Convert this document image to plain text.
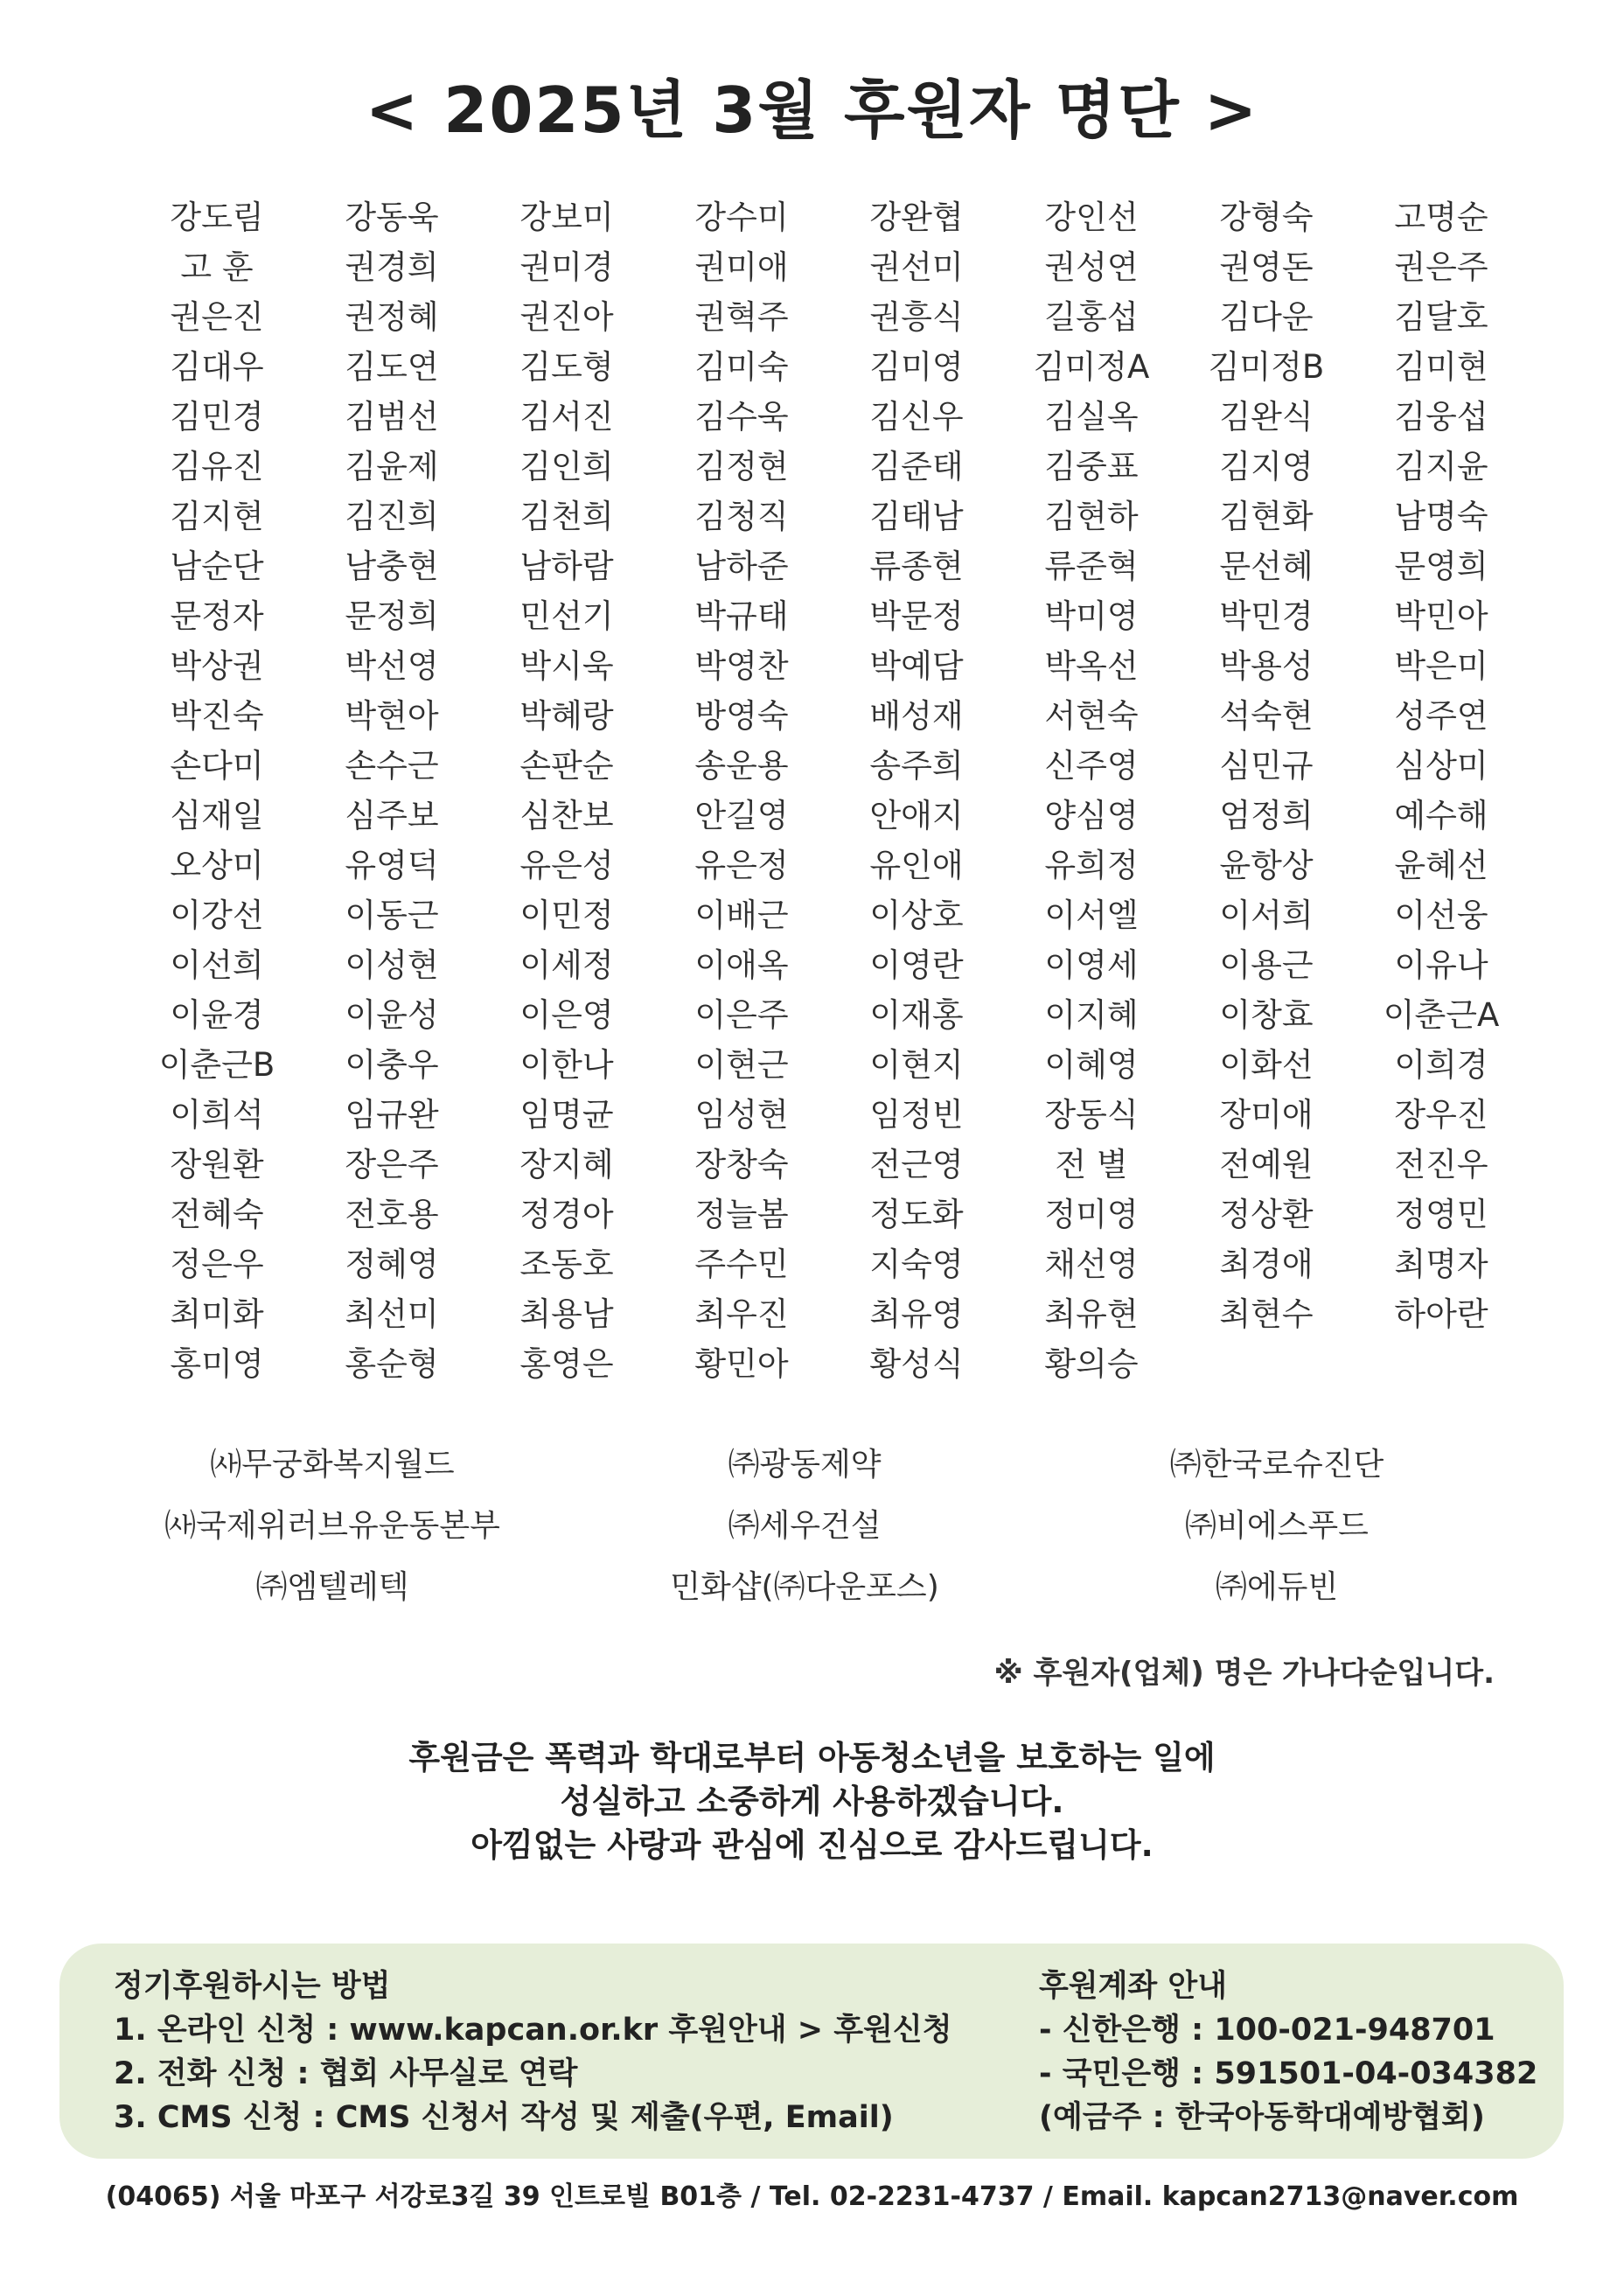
< 2025년 3월 후원자 명단 >
강도림	강동욱	강보미	강수미	강완협	강인선	강형숙	고명순
고 훈	권경희	권미경	권미애	권선미	권성연	권영돈	권은주
권은진	권정혜	권진아	권혁주	권흥식	길홍섭	김다운	김달호
김대우	김도연	김도형	김미숙	김미영	김미정A	김미정B	김미현
김민경	김범선	김서진	김수욱	김신우	김실옥	김완식	김웅섭
김유진	김윤제	김인희	김정현	김준태	김중표	김지영	김지윤
김지현	김진희	김천희	김청직	김태남	김현하	김현화	남명숙
남순단	남충현	남하람	남하준	류종현	류준혁	문선혜	문영희
문정자	문정희	민선기	박규태	박문정	박미영	박민경	박민아
박상권	박선영	박시욱	박영찬	박예담	박옥선	박용성	박은미
박진숙	박현아	박혜랑	방영숙	배성재	서현숙	석숙현	성주연
손다미	손수근	손판순	송운용	송주희	신주영	심민규	심상미
심재일	심주보	심찬보	안길영	안애지	양심영	엄정희	예수해
오상미	유영덕	유은성	유은정	유인애	유희정	윤항상	윤혜선
이강선	이동근	이민정	이배근	이상호	이서엘	이서희	이선웅
이선희	이성현	이세정	이애옥	이영란	이영세	이용근	이유나
이윤경	이윤성	이은영	이은주	이재홍	이지혜	이창효	이춘근A
이춘근B	이충우	이한나	이현근	이현지	이혜영	이화선	이희경
이희석	임규완	임명균	임성현	임정빈	장동식	장미애	장우진
장원환	장은주	장지혜	장창숙	전근영	전 별	전예원	전진우
전혜숙	전호용	정경아	정늘봄	정도화	정미영	정상환	정영민
정은우	정혜영	조동호	주수민	지숙영	채선영	최경애	최명자
최미화	최선미	최용남	최우진	최유영	최유현	최현수	하아란
홍미영	홍순형	홍영은	황민아	황성식	황의승
㈔무궁화복지월드	㈜광동제약	㈜한국로슈진단
㈔국제위러브유운동본부	㈜세우건설	㈜비에스푸드
㈜엠텔레텍	민화샵(㈜다운포스)	㈜에듀빈
※ 후원자(업체) 명은 가나다순입니다.
후원금은 폭력과 학대로부터 아동청소년을 보호하는 일에
성실하고 소중하게 사용하겠습니다.
아낌없는 사랑과 관심에 진심으로 감사드립니다.
정기후원하시는 방법
1. 온라인 신청 : www.kapcan.or.kr 후원안내 > 후원신청
2. 전화 신청 : 협회 사무실로 연락
3. CMS 신청 : CMS 신청서 작성 및 제출(우편, Email)
후원계좌 안내
- 신한은행 : 100-021-948701
- 국민은행 : 591501-04-034382
(예금주 : 한국아동학대예방협회)
(04065) 서울 마포구 서강로3길 39 인트로빌 B01층 / Tel. 02-2231-4737 / Email. kapcan2713@naver.com
